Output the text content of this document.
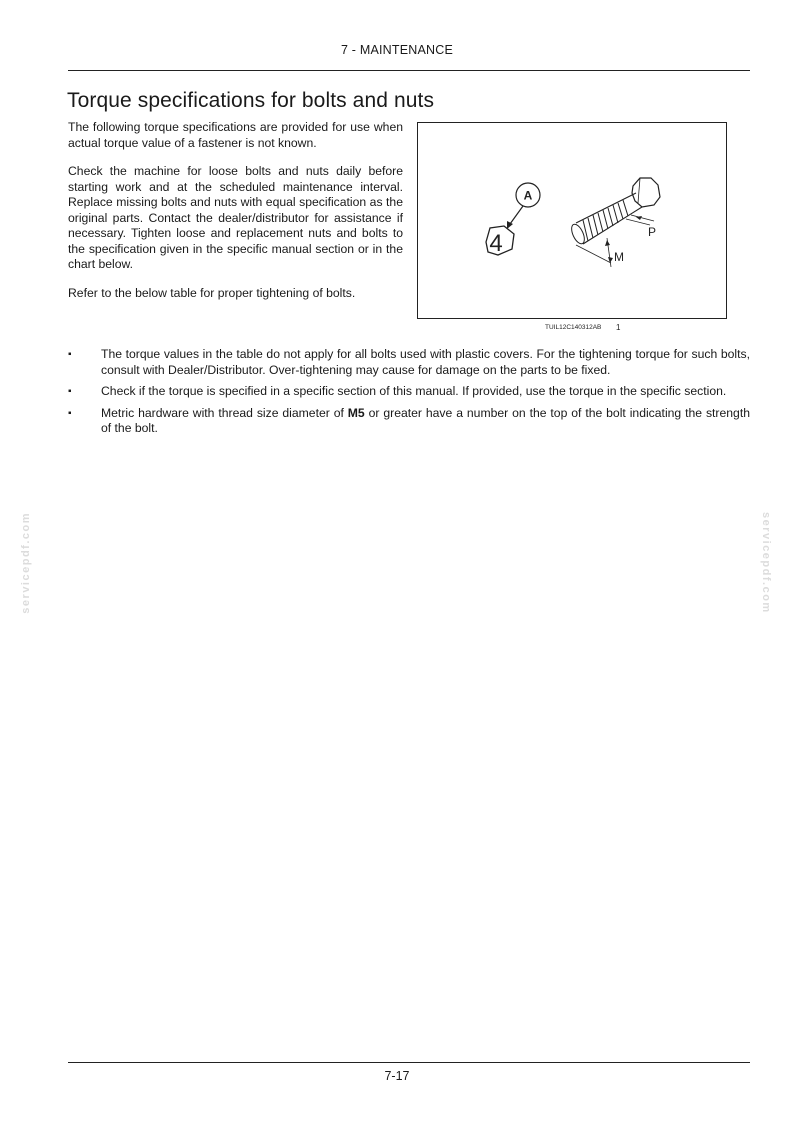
7 - MAINTENANCE
Torque specifications for bolts and nuts

The following torque specifications are provided for use when actual torque value of a fastener is not known.

Check the machine for loose bolts and nuts daily before starting work and at the scheduled maintenance interval. Replace missing bolts and nuts with equal specification as the original parts. Contact the dealer/distributor for assistance if necessary. Tighten loose and replacement nuts and bolts to the specification given in the specific manual section or in the chart below.

Refer to the below table for proper tightening of bolts.

A
4	P
M
TUIL12C140312AB 1
▪ The torque values in the table do not apply for all bolts used with plastic covers. For the tightening torque for such bolts, consult with Dealer/Distributor. Over-tightening may cause for damage on the parts to be fixed.
▪ Check if the torque is specified in a specific section of this manual. If provided, use the torque in the specific section.
▪ Metric hardware with thread size diameter of M5 or greater have a number on the top of the bolt indicating the strength of the bolt.
servicepdf.com	servicepdf.com
7-17
